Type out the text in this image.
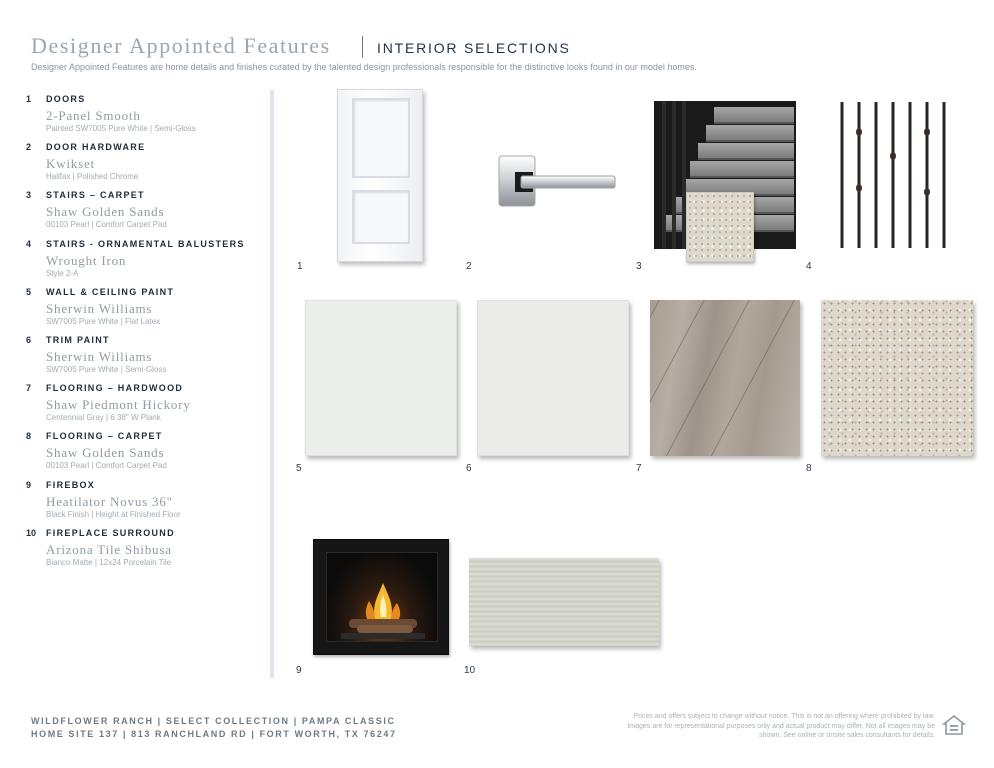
Designer Appointed Features	INTERIOR SELECTIONS
Designer Appointed Features are home details and finishes curated by the talented design professionals responsible for the distinctive looks found in our model homes.
1	DOORS
2-Panel Smooth
Painted SW7005 Pure White | Semi-Gloss
2	DOOR HARDWARE
Kwikset
Halifax | Polished Chrome
3	STAIRS – CARPET
Shaw Golden Sands
00103 Pearl | Comfort Carpet Pad
4	STAIRS - ORNAMENTAL BALUSTERS
Wrought Iron
Style 2-A
5	WALL & CEILING PAINT
Sherwin Williams
SW7005 Pure White | Flat Latex
6	TRIM PAINT
Sherwin Williams
SW7005 Pure White | Semi-Gloss
7	FLOORING – HARDWOOD
Shaw Piedmont Hickory
Centennial Gray | 6 38" W Plank
8	FLOORING – CARPET
Shaw Golden Sands
00103 Pearl | Comfort Carpet Pad
9	FIREBOX
Heatilator Novus 36"
Black Finish | Height at Finished Floor
10	FIREPLACE SURROUND
Arizona Tile Shibusa
Bianco Matte | 12x24 Porcelain Tile
1	2	3	4
5	6	7	8
9	10
WILDFLOWER RANCH | SELECT COLLECTION | PAMPA CLASSIC
HOME SITE 137 | 813 RANCHLAND RD | FORT WORTH, TX 76247
Prices and offers subject to change without notice. This is not an offering where prohibited by law. Images are for representational purposes only and actual product may differ. Not all images may be shown. See online or onsite sales consultants for details.
